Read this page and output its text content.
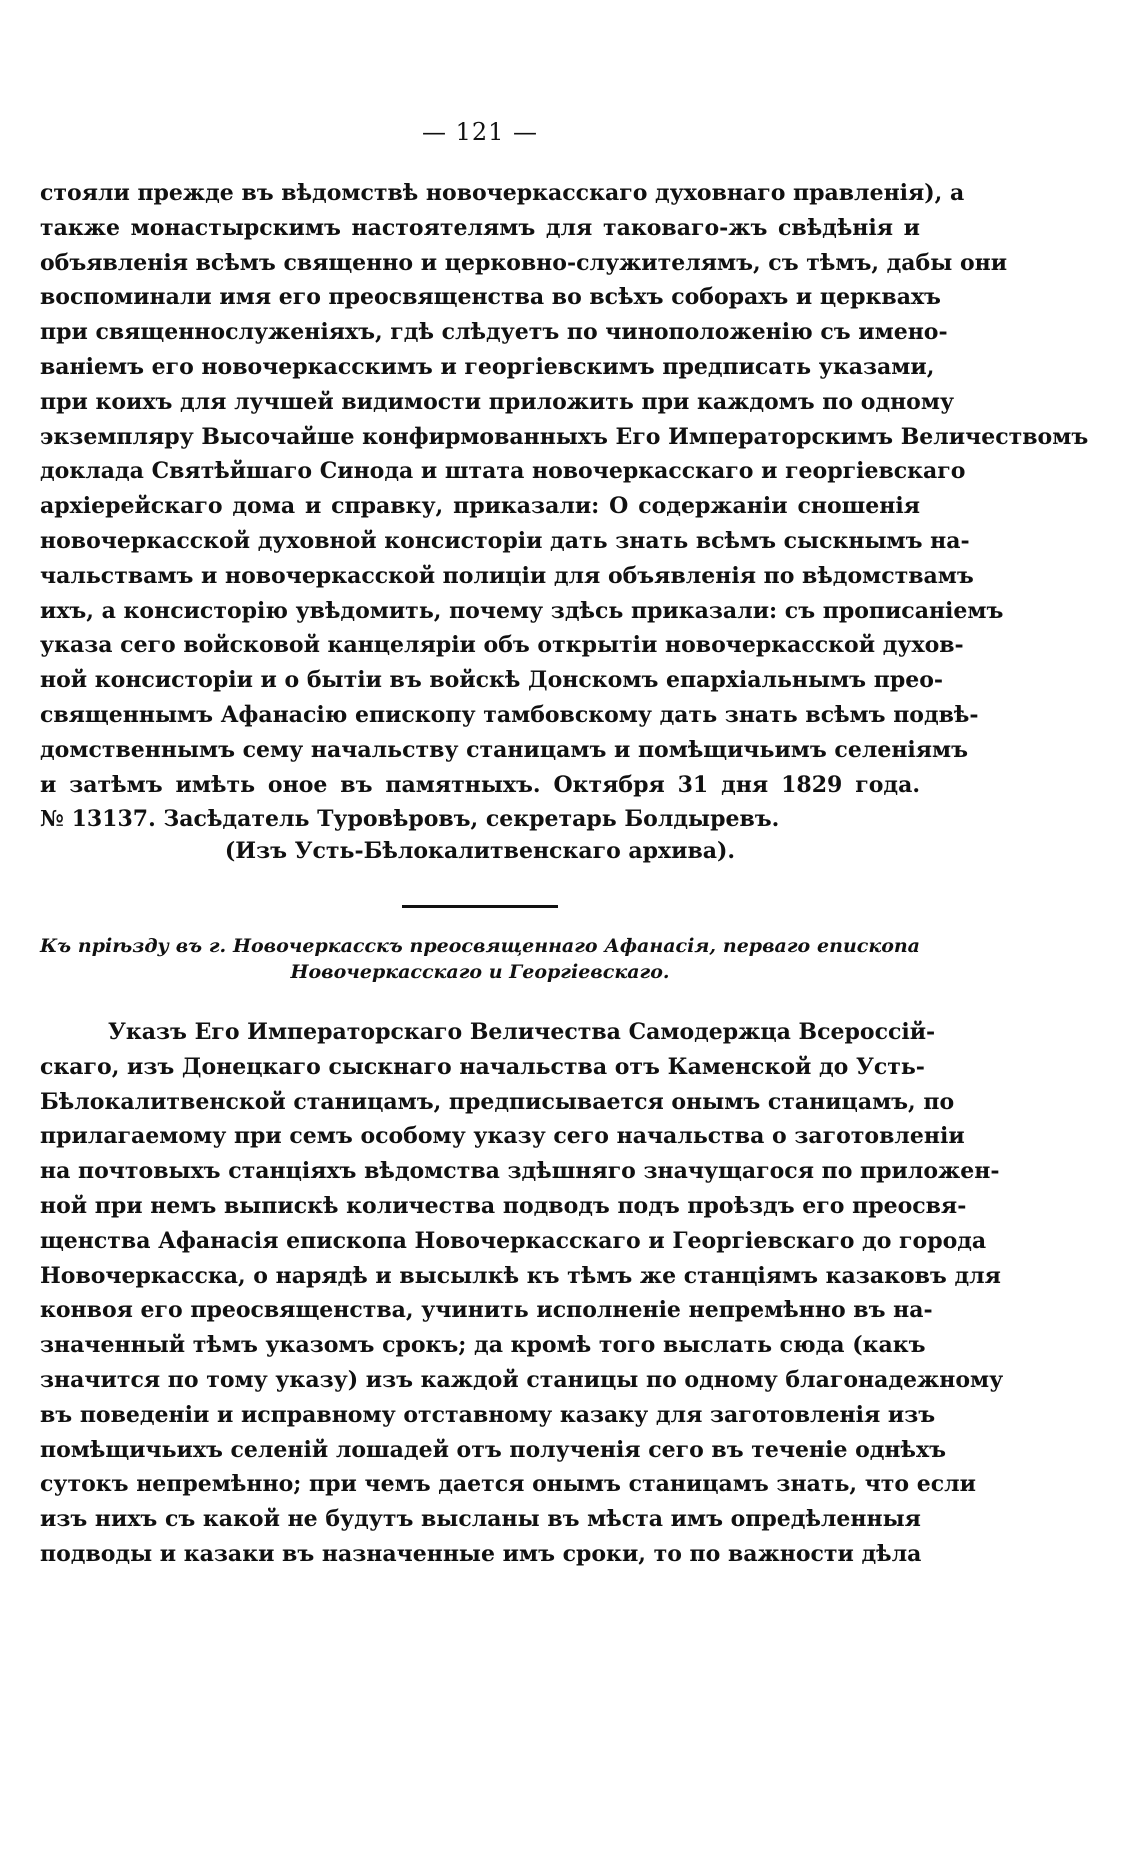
— 121 —
стояли прежде въ вѣдомствѣ новочеркасскаго духовнаго правленія), а
также монастырскимъ настоятелямъ для таковаго-жъ свѣдѣнія и
объявленія всѣмъ священно и церковно-служителямъ, съ тѣмъ, дабы они
воспоминали имя его преосвященства во всѣхъ соборахъ и церквахъ
при священнослуженіяхъ, гдѣ слѣдуетъ по чиноположенію съ имено-
ваніемъ его новочеркасскимъ и георгіевскимъ предписать указами,
при коихъ для лучшей видимости приложить при каждомъ по одному
экземпляру Высочайше конфирмованныхъ Его Императорскимъ Величествомъ
доклада Святѣйшаго Синода и штата новочеркасскаго и георгіевскаго
архіерейскаго дома и справку, приказали: О содержаніи сношенія
новочеркасской духовной консисторіи дать знать всѣмъ сыскнымъ на-
чальствамъ и новочеркасской полиціи для объявленія по вѣдомствамъ
ихъ, а консисторію увѣдомить, почему здѣсь приказали: съ прописаніемъ
указа сего войсковой канцеляріи объ открытіи новочеркасской духов-
ной консисторіи и о бытіи въ войскѣ Донскомъ епархіальнымъ прео-
священнымъ Афанасію епископу тамбовскому дать знать всѣмъ подвѣ-
домственнымъ сему начальству станицамъ и помѣщичьимъ селеніямъ
и затѣмъ имѣть оное въ памятныхъ. Октября 31 дня 1829 года.
№ 13137. Засѣдатель Туровѣровъ, секретарь Болдыревъ.
(Изъ Усть-Бѣлокалитвенскаго архива).
Къ пріѣзду въ г. Новочеркасскъ преосвященнаго Афанасія, перваго епископа
Новочеркасскаго и Георгіевскаго.
Указъ Его Императорскаго Величества Самодержца Всероссій-
скаго, изъ Донецкаго сыскнаго начальства отъ Каменской до Усть-
Бѣлокалитвенской станицамъ, предписывается онымъ станицамъ, по
прилагаемому при семъ особому указу сего начальства о заготовленіи
на почтовыхъ станціяхъ вѣдомства здѣшняго значущагося по приложен-
ной при немъ выпискѣ количества подводъ подъ проѣздъ его преосвя-
щенства Афанасія епископа Новочеркасскаго и Георгіевскаго до города
Новочеркасска, о нарядѣ и высылкѣ къ тѣмъ же станціямъ казаковъ для
конвоя его преосвященства, учинить исполненіе непремѣнно въ на-
значенный тѣмъ указомъ срокъ; да кромѣ того выслать сюда (какъ
значится по тому указу) изъ каждой станицы по одному благонадежному
въ поведеніи и исправному отставному казаку для заготовленія изъ
помѣщичьихъ селеній лошадей отъ полученія сего въ теченіе однѣхъ
сутокъ непремѣнно; при чемъ дается онымъ станицамъ знать, что если
изъ нихъ съ какой не будутъ высланы въ мѣста имъ опредѣленныя
подводы и казаки въ назначенные имъ сроки, то по важности дѣла
